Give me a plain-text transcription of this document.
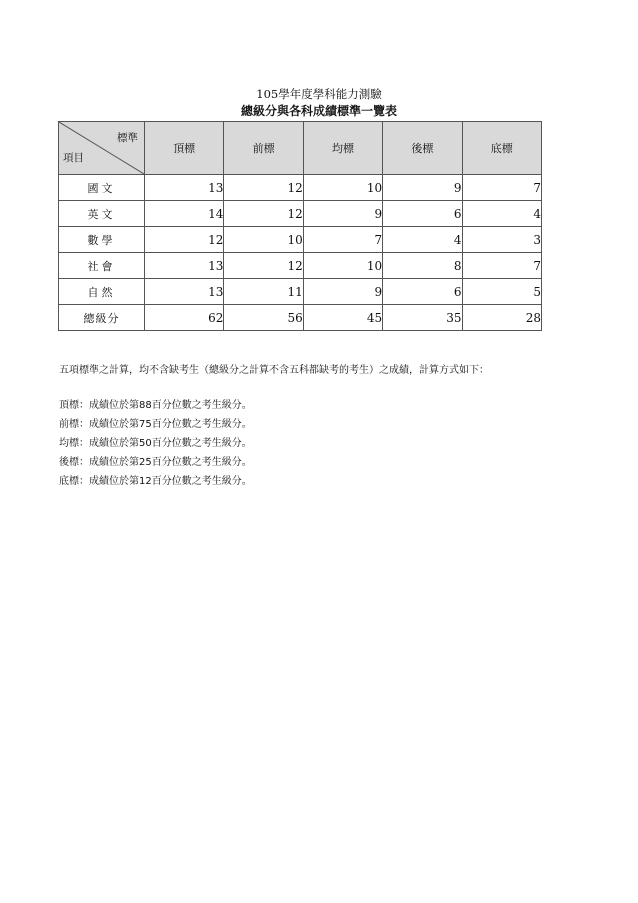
105學年度學科能力測驗
總級分與各科成績標準一覽表
標準
項目	頂標	前標	均標	後標	底標
國文	13	12	10	9	7
英文	14	12	9	6	4
數學	12	10	7	4	3
社會	13	12	10	8	7
自然	13	11	9	6	5
總級分	62	56	45	35	28
五項標準之計算，均不含缺考生（總級分之計算不含五科都缺考的考生）之成績，計算方式如下：
頂標：成績位於第88百分位數之考生級分。
前標：成績位於第75百分位數之考生級分。
均標：成績位於第50百分位數之考生級分。
後標：成績位於第25百分位數之考生級分。
底標：成績位於第12百分位數之考生級分。
